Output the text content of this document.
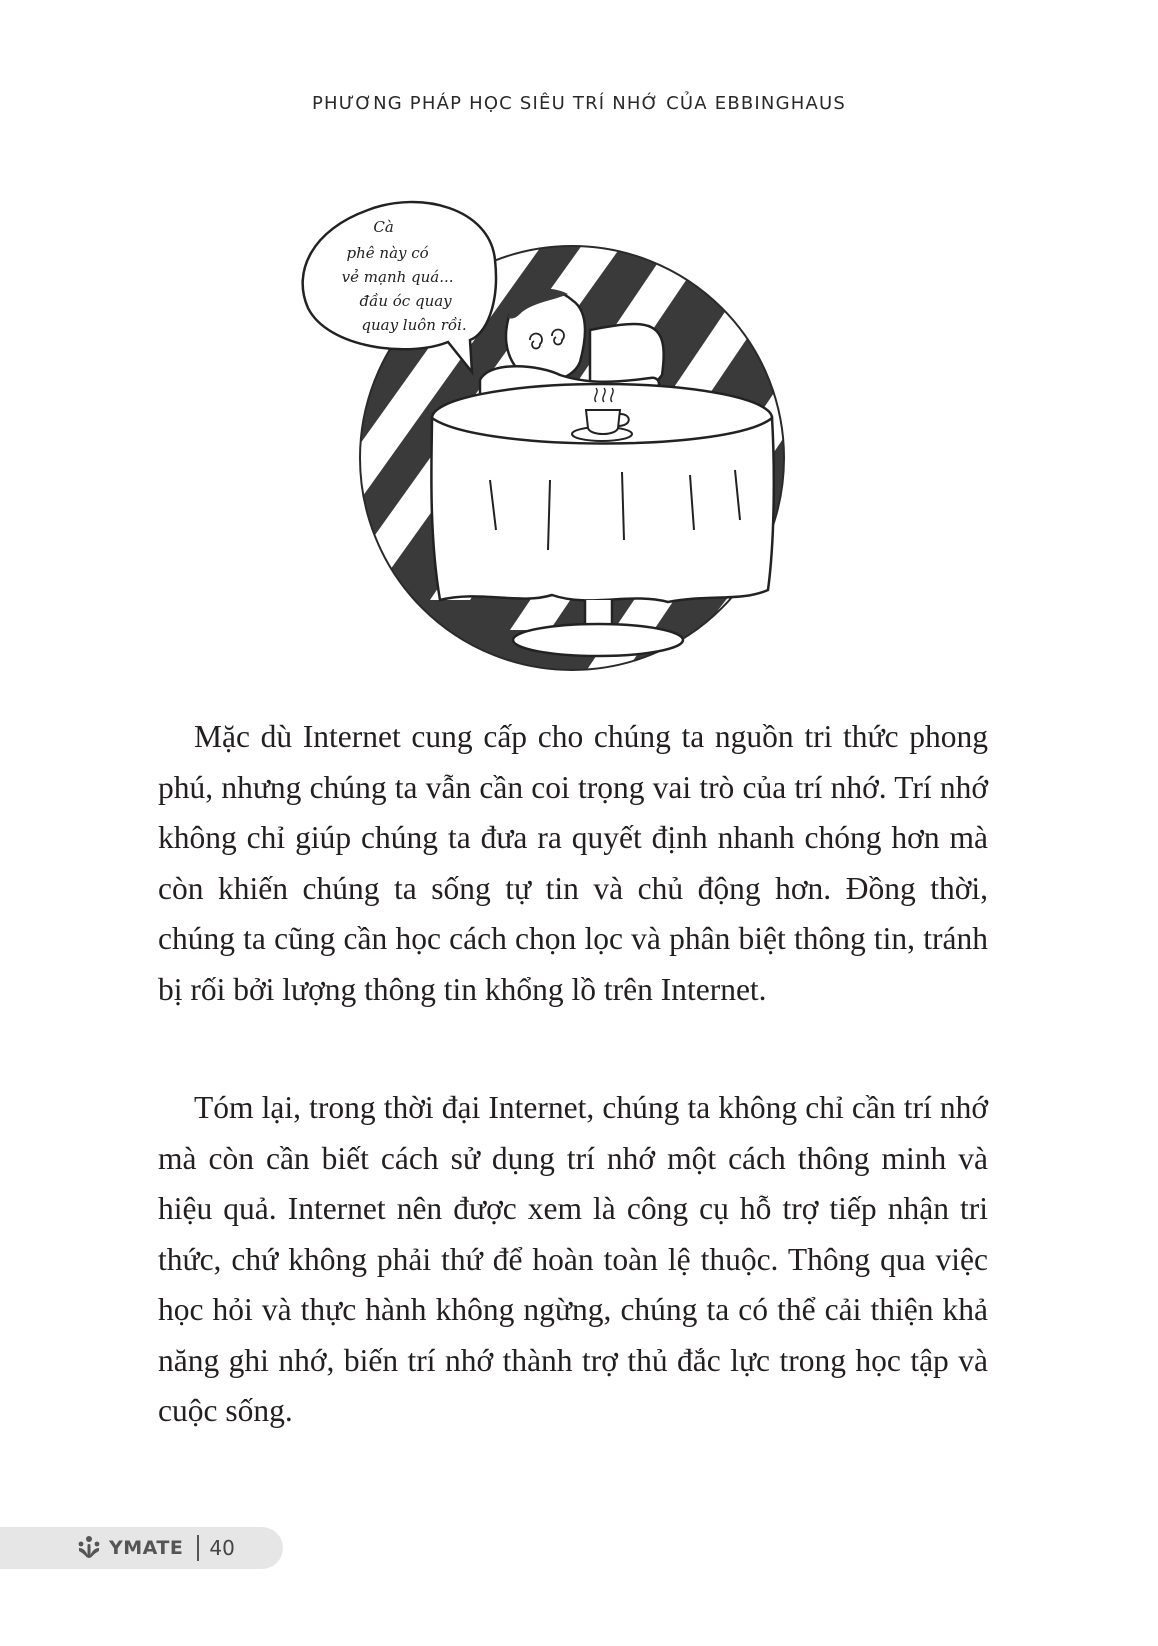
PHƯƠNG PHÁP HỌC SIÊU TRÍ NHỚ CỦA EBBINGHAUS
Cà phê này có vẻ mạnh quá... đầu óc quay quay luôn rồi.

Mặc dù Internet cung cấp cho chúng ta nguồn tri thức phong phú, nhưng chúng ta vẫn cần coi trọng vai trò của trí nhớ. Trí nhớ không chỉ giúp chúng ta đưa ra quyết định nhanh chóng hơn mà còn khiến chúng ta sống tự tin và chủ động hơn. Đồng thời, chúng ta cũng cần học cách chọn lọc và phân biệt thông tin, tránh bị rối bởi lượng thông tin khổng lồ trên Internet.

Tóm lại, trong thời đại Internet, chúng ta không chỉ cần trí nhớ mà còn cần biết cách sử dụng trí nhớ một cách thông minh và hiệu quả. Internet nên được xem là công cụ hỗ trợ tiếp nhận tri thức, chứ không phải thứ để hoàn toàn lệ thuộc. Thông qua việc học hỏi và thực hành không ngừng, chúng ta có thể cải thiện khả năng ghi nhớ, biến trí nhớ thành trợ thủ đắc lực trong học tập và cuộc sống.

YMATE 40
